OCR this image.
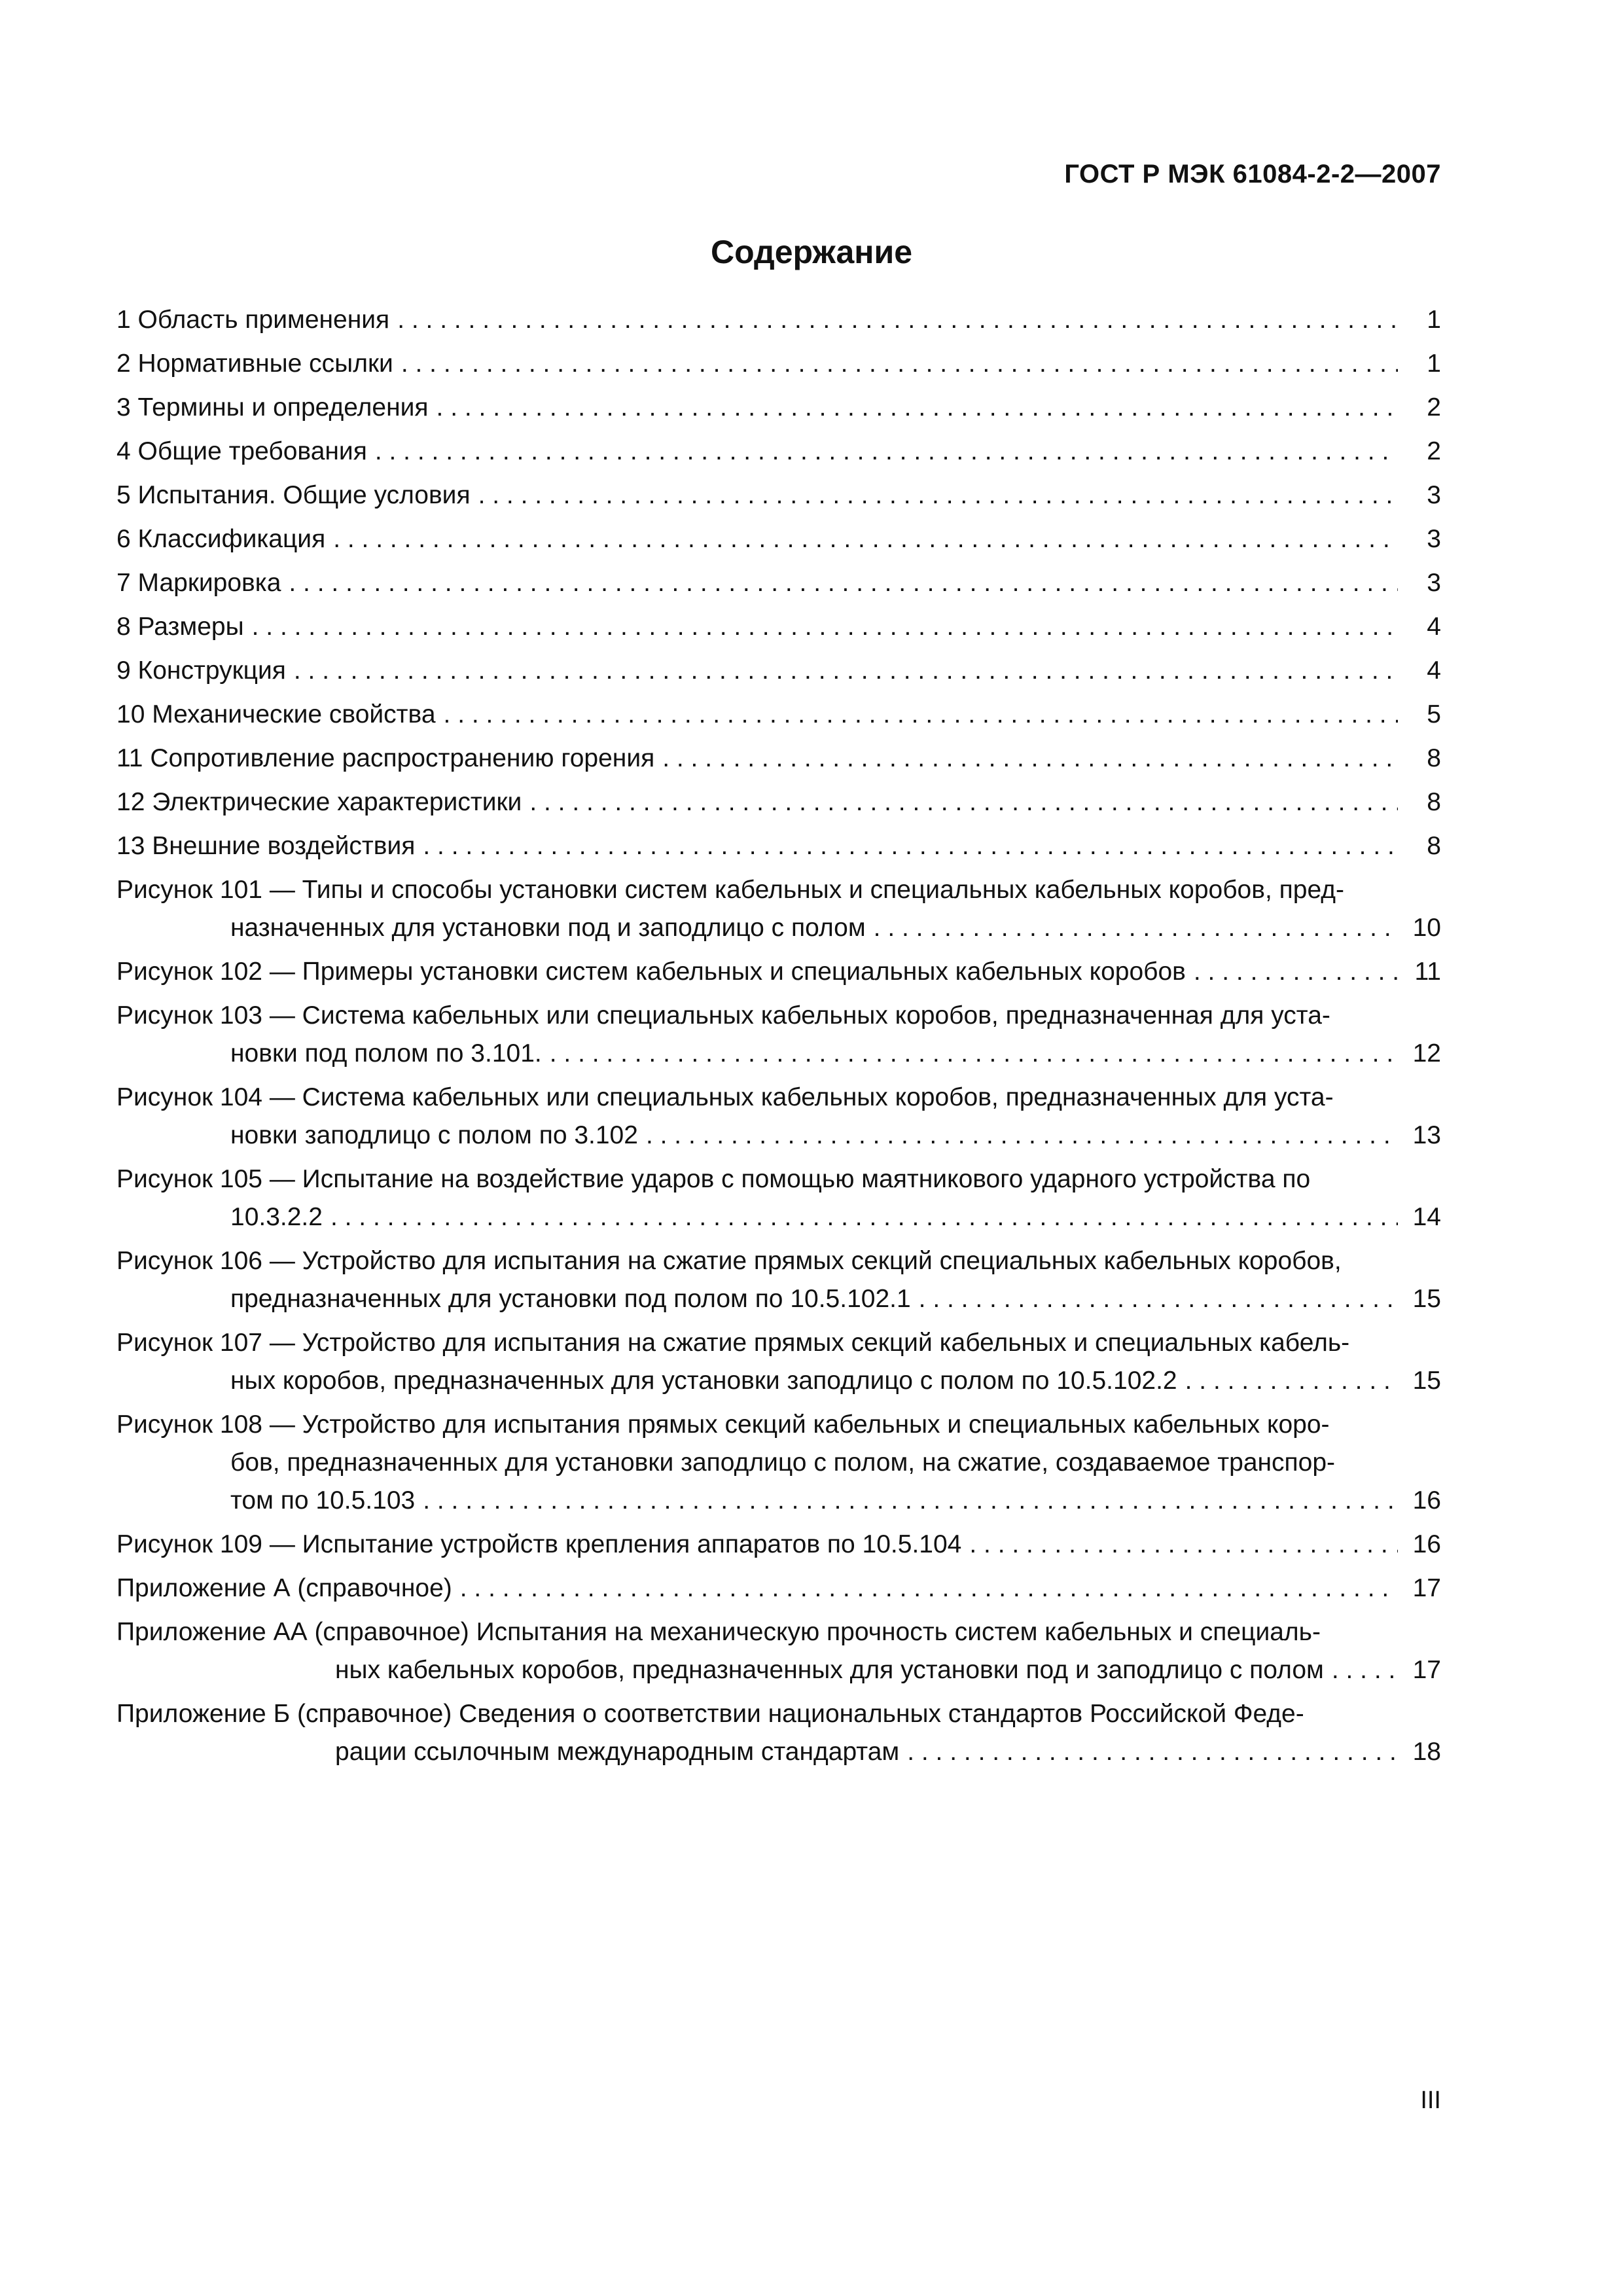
ГОСТ Р МЭК 61084-2-2—2007
Содержание
1 Область применения . . .	1
2 Нормативные ссылки . . .	1
3 Термины и определения . . .	2
4 Общие требования . . .	2
5 Испытания. Общие условия . . .	3
6 Классификация . . .	3
7 Маркировка . . .	3
8 Размеры . . .	4
9 Конструкция . . .	4
10 Механические свойства . . .	5
11 Сопротивление распространению горения . . .	8
12 Электрические характеристики . . .	8
13 Внешние воздействия . . .	8
Рисунок 101 — Типы и способы установки систем кабельных и специальных кабельных коробов, пред-
назначенных для установки под и заподлицо с полом . . .	10
Рисунок 102 — Примеры установки систем кабельных и специальных кабельных коробов . . .	11
Рисунок 103 — Система кабельных или специальных кабельных коробов, предназначенная для уста-
новки под полом по 3.101. . . .	12
Рисунок 104 — Система кабельных или специальных кабельных коробов, предназначенных для уста-
новки заподлицо с полом по 3.102 . . .	13
Рисунок 105 — Испытание на воздействие ударов с помощью маятникового ударного устройства по
10.3.2.2 . . .	14
Рисунок 106 — Устройство для испытания на сжатие прямых секций специальных кабельных коробов,
предназначенных для установки под полом по 10.5.102.1 . . .	15
Рисунок 107 — Устройство для испытания на сжатие прямых секций кабельных и специальных кабель-
ных коробов, предназначенных для установки заподлицо с полом по 10.5.102.2 . . .	15
Рисунок 108 — Устройство для испытания прямых секций кабельных и специальных кабельных коро-
бов, предназначенных для установки заподлицо с полом, на сжатие, создаваемое транспор-
том по 10.5.103 . . .	16
Рисунок 109 — Испытание устройств крепления аппаратов по 10.5.104 . . .	16
Приложение А (справочное) . . .	17
Приложение АА (справочное) Испытания на механическую прочность систем кабельных и специаль-
ных кабельных коробов, предназначенных для установки под и заподлицо с полом . . .	17
Приложение Б (справочное) Сведения о соответствии национальных стандартов Российской Феде-
рации ссылочным международным стандартам . . .	18
III
